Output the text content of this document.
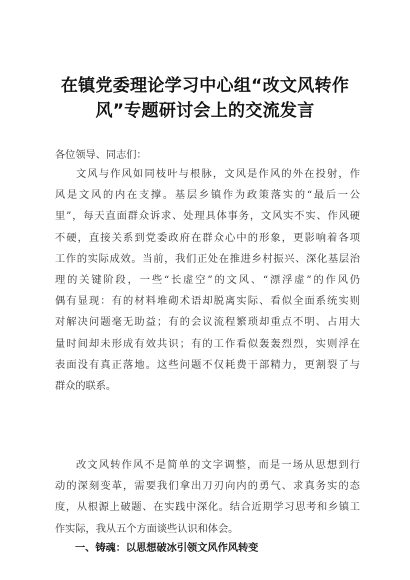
在镇党委理论学习中心组“改文风转作
风”专题研讨会上的交流发言

各位领导、同志们：

文风与作风如同枝叶与根脉，文风是作风的外在投射，作
风是文风的内在支撑。基层乡镇作为政策落实的“最后一公
里”，每天直面群众诉求、处理具体事务，文风实不实、作风硬
不硬，直接关系到党委政府在群众心中的形象，更影响着各项
工作的实际成效。当前，我们正处在推进乡村振兴、深化基层治
理的关键阶段，一些“长虚空”的文风、“漂浮虚”的作风仍
偶有显现：有的材料堆砌术语却脱离实际、看似全面系统实则
对解决问题毫无助益；有的会议流程繁琐却重点不明、占用大
量时间却未形成有效共识；有的工作看似轰轰烈烈，实则浮在
表面没有真正落地。这些问题不仅耗费干部精力，更割裂了与
群众的联系。
改文风转作风不是简单的文字调整，而是一场从思想到行
动的深刻变革，需要我们拿出刀刃向内的勇气、求真务实的态
度，从根源上破题、在实践中深化。结合近期学习思考和乡镇工
作实际，我从五个方面谈些认识和体会。

一、铸魂：以思想破冰引领文风作风转变
